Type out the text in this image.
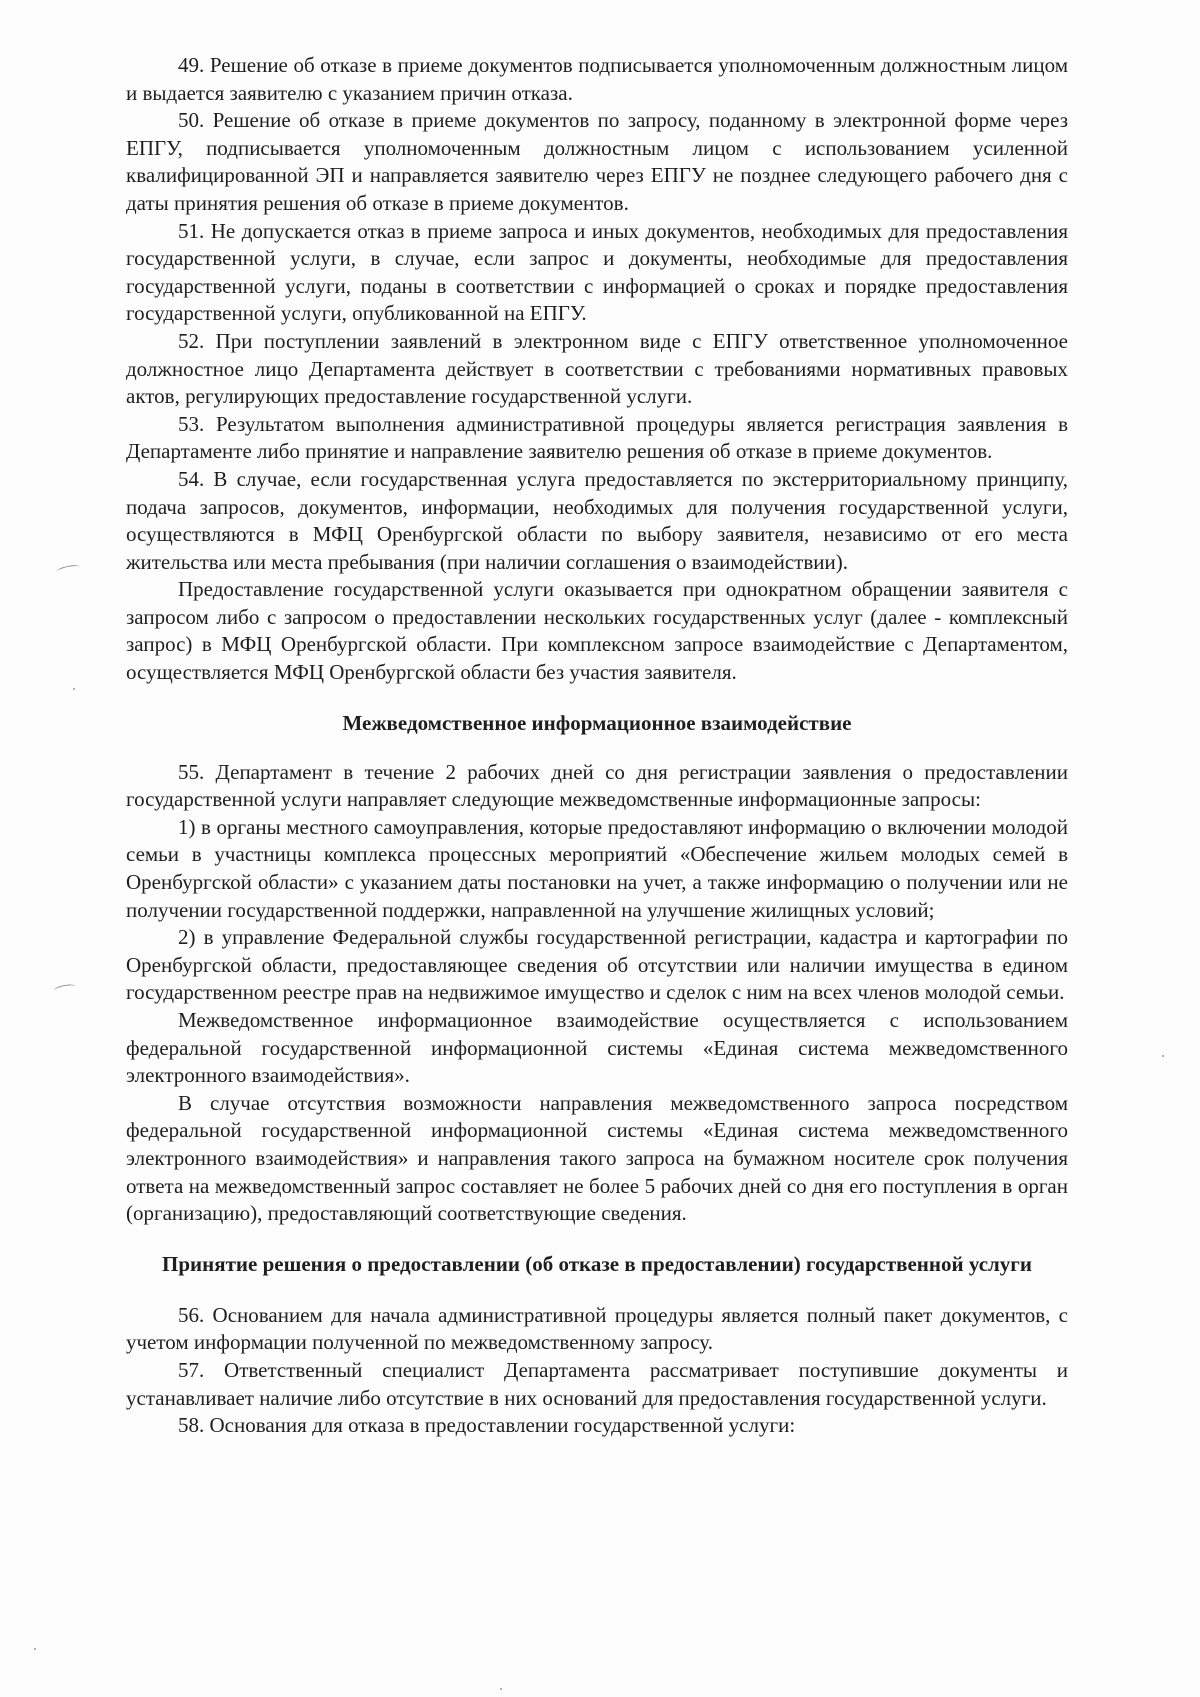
49. Решение об отказе в приеме документов подписывается уполномоченным должностным лицом и выдается заявителю с указанием причин отказа.

50. Решение об отказе в приеме документов по запросу, поданному в электронной форме через ЕПГУ, подписывается уполномоченным должностным лицом с использованием усиленной квалифицированной ЭП и направляется заявителю через ЕПГУ не позднее следующего рабочего дня с даты принятия решения об отказе в приеме документов.

51. Не допускается отказ в приеме запроса и иных документов, необходимых для предоставления государственной услуги, в случае, если запрос и документы, необходимые для предоставления государственной услуги, поданы в соответствии с информацией о сроках и порядке предоставления государственной услуги, опубликованной на ЕПГУ.

52. При поступлении заявлений в электронном виде с ЕПГУ ответственное уполномоченное должностное лицо Департамента действует в соответствии с требованиями нормативных правовых актов, регулирующих предоставление государственной услуги.

53. Результатом выполнения административной процедуры является регистрация заявления в Департаменте либо принятие и направление заявителю решения об отказе в приеме документов.

54. В случае, если государственная услуга предоставляется по экстерриториальному принципу, подача запросов, документов, информации, необходимых для получения государственной услуги, осуществляются в МФЦ Оренбургской области по выбору заявителя, независимо от его места жительства или места пребывания (при наличии соглашения о взаимодействии).

Предоставление государственной услуги оказывается при однократном обращении заявителя с запросом либо с запросом о предоставлении нескольких государственных услуг (далее - комплексный запрос) в МФЦ Оренбургской области. При комплексном запросе взаимодействие с Департаментом, осуществляется МФЦ Оренбургской области без участия заявителя.

Межведомственное информационное взаимодействие

55. Департамент в течение 2 рабочих дней со дня регистрации заявления о предоставлении государственной услуги направляет следующие межведомственные информационные запросы:

1) в органы местного самоуправления, которые предоставляют информацию о включении молодой семьи в участницы комплекса процессных мероприятий «Обеспечение жильем молодых семей в Оренбургской области» с указанием даты постановки на учет, а также информацию о получении или не получении государственной поддержки, направленной на улучшение жилищных условий;

2) в управление Федеральной службы государственной регистрации, кадастра и картографии по Оренбургской области, предоставляющее сведения об отсутствии или наличии имущества в едином государственном реестре прав на недвижимое имущество и сделок с ним на всех членов молодой семьи.

Межведомственное информационное взаимодействие осуществляется с использованием федеральной государственной информационной системы «Единая система межведомственного электронного взаимодействия».

В случае отсутствия возможности направления межведомственного запроса посредством федеральной государственной информационной системы «Единая система межведомственного электронного взаимодействия» и направления такого запроса на бумажном носителе срок получения ответа на межведомственный запрос составляет не более 5 рабочих дней со дня его поступления в орган (организацию), предоставляющий соответствующие сведения.

Принятие решения о предоставлении (об отказе в предоставлении) государственной услуги

56. Основанием для начала административной процедуры является полный пакет документов, с учетом информации полученной по межведомственному запросу.

57. Ответственный специалист Департамента рассматривает поступившие документы и устанавливает наличие либо отсутствие в них оснований для предоставления государственной услуги.

58. Основания для отказа в предоставлении государственной услуги:
